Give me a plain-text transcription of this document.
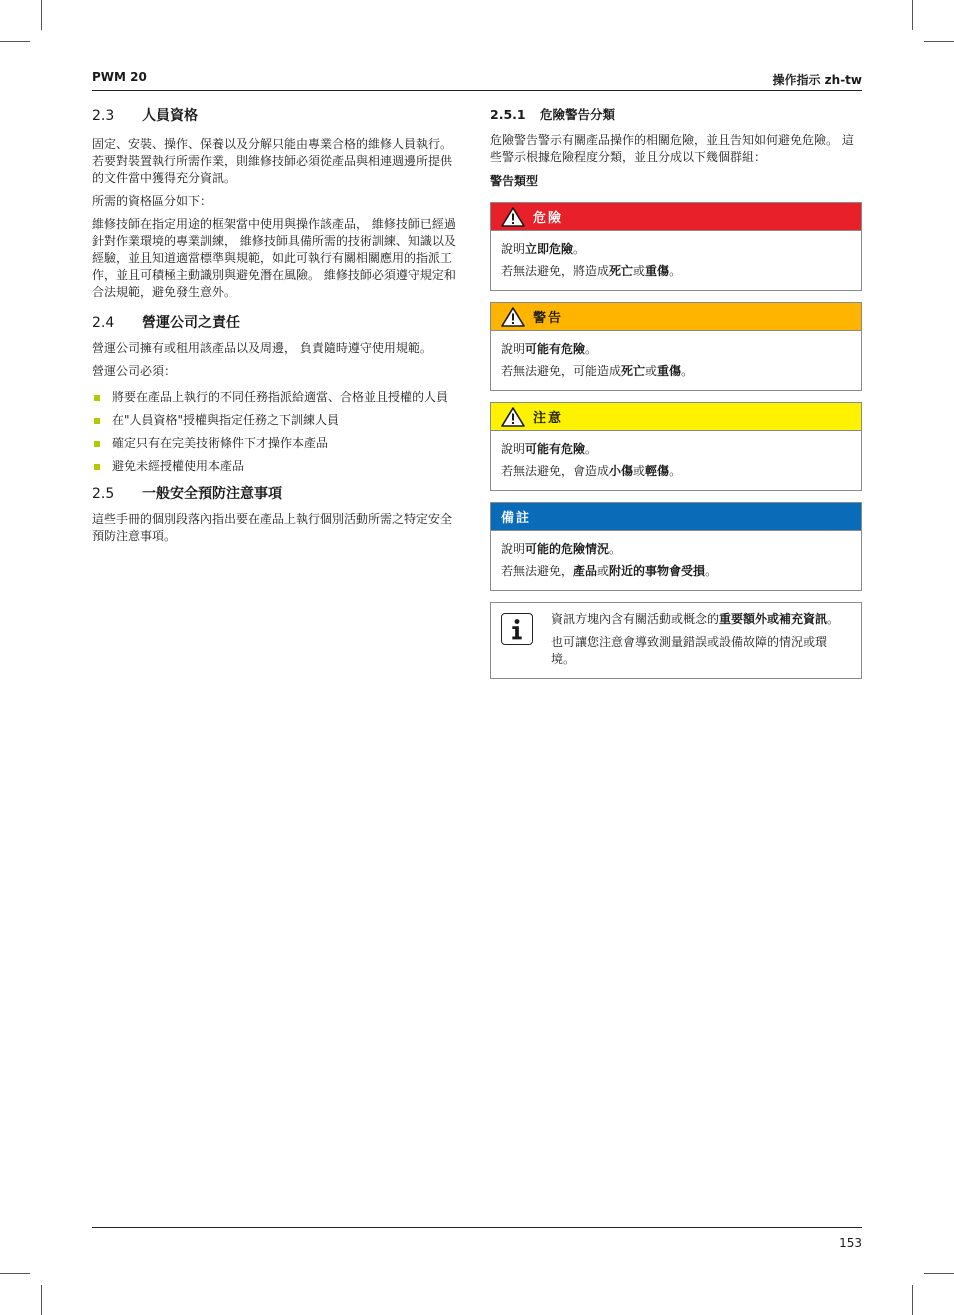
PWM 20	操作指示 zh-tw
2.3	人員資格

固定、安裝、操作、保養以及分解只能由專業合格的維修人員執行。 若要對裝置執行所需作業，則維修技師必須從產品與相連週邊所提供的文件當中獲得充分資訊。

所需的資格區分如下：

維修技師在指定用途的框架當中使用與操作該產品， 維修技師已經過針對作業環境的專業訓練， 維修技師具備所需的技術訓練、知識以及經驗，並且知道適當標準與規範，如此可執行有關相關應用的指派工作，並且可積極主動識別與避免潛在風險。 維修技師必須遵守規定和合法規範，避免發生意外。

2.4	營運公司之責任

營運公司擁有或租用該產品以及周邊， 負責隨時遵守使用規範。

營運公司必須：

將要在產品上執行的不同任務指派給適當、合格並且授權的人員
在"人員資格"授權與指定任務之下訓練人員
確定只有在完美技術條件下才操作本產品
避免未經授權使用本產品
2.5	一般安全預防注意事項

這些手冊的個別段落內指出要在產品上執行個別活動所需之特定安全預防注意事項。

2.5.1	危險警告分類

危險警告警示有關產品操作的相關危險，並且告知如何避免危險。 這些警示根據危險程度分類，並且分成以下幾個群組：

警告類型

危險

說明立即危險。

若無法避免，將造成死亡或重傷。

警告

說明可能有危險。

若無法避免，可能造成死亡或重傷。

注意

說明可能有危險。

若無法避免，會造成小傷或輕傷。

備註

說明可能的危險情況。

若無法避免，產品或附近的事物會受損。

資訊方塊內含有關活動或概念的重要額外或補充資訊。

也可讓您注意會導致測量錯誤或設備故障的情況或環境。

153
